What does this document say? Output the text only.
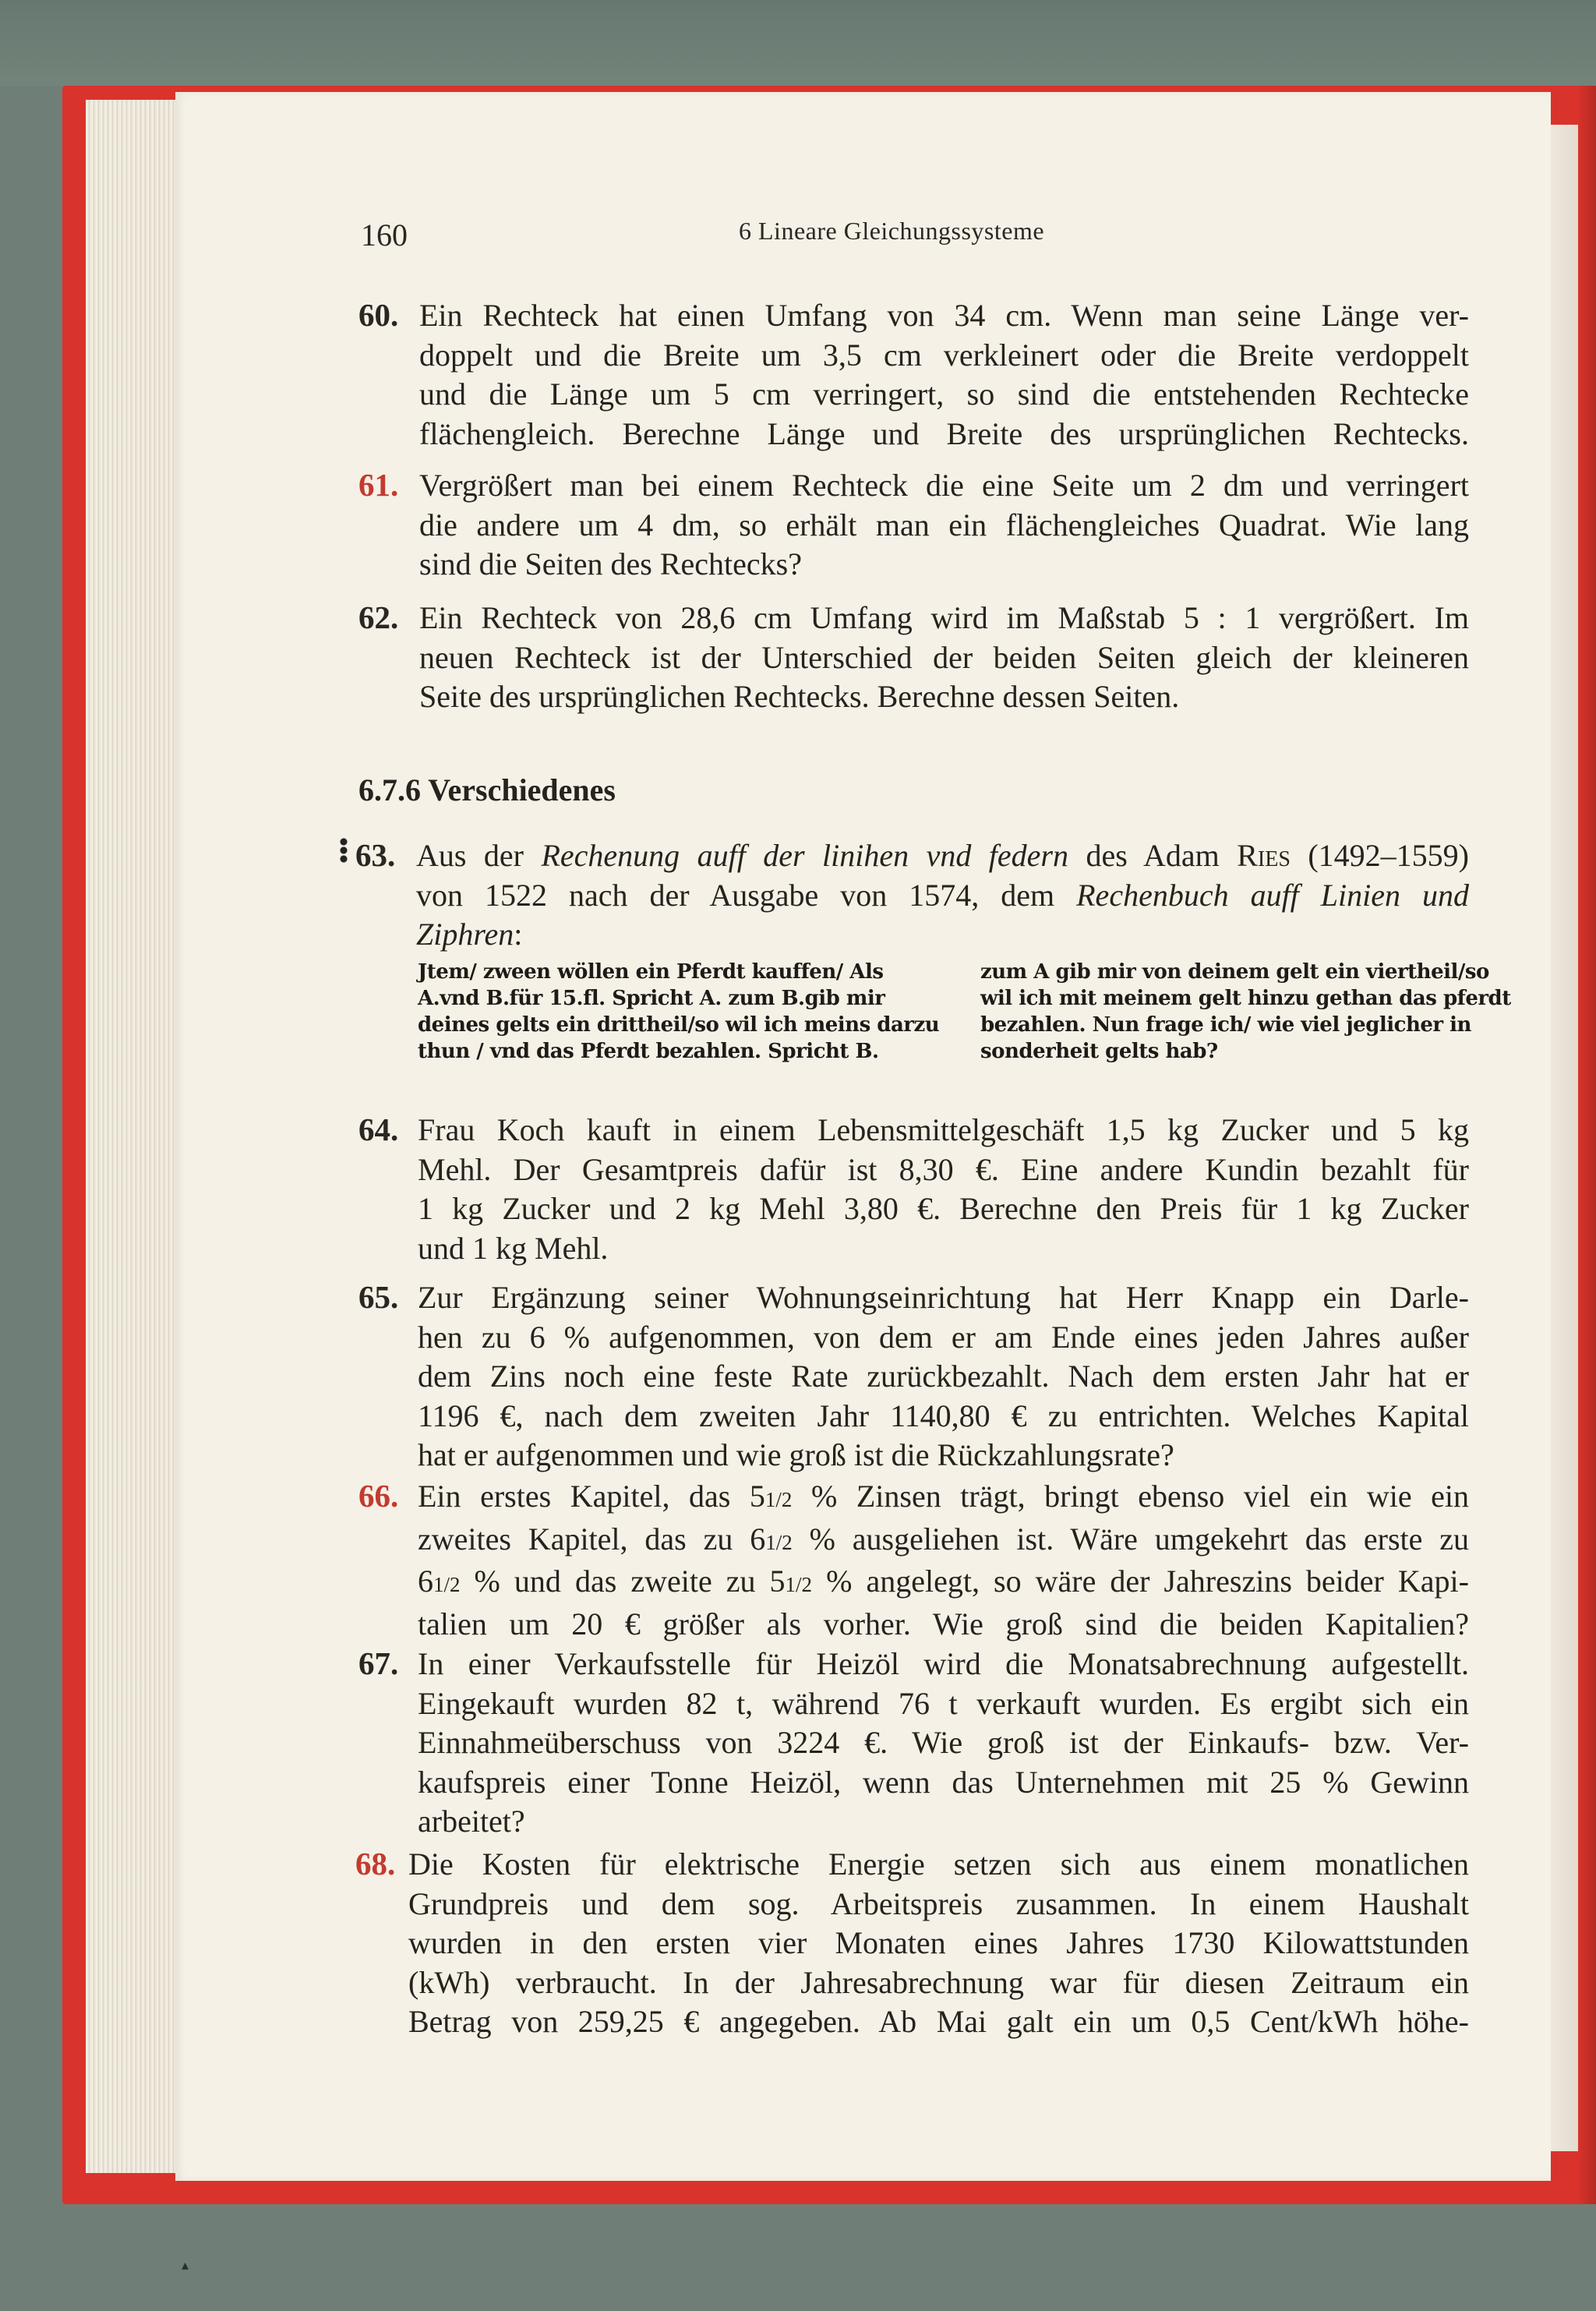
160	6 Lineare Gleichungssysteme
60. Ein Rechteck hat einen Umfang von 34 cm. Wenn man seine Länge ver-
doppelt und die Breite um 3,5 cm verkleinert oder die Breite verdoppelt
und die Länge um 5 cm verringert, so sind die entstehenden Rechtecke
flächengleich. Berechne Länge und Breite des ursprünglichen Rechtecks.
61. Vergrößert man bei einem Rechteck die eine Seite um 2 dm und verringert
die andere um 4 dm, so erhält man ein flächengleiches Quadrat. Wie lang
sind die Seiten des Rechtecks?
62. Ein Rechteck von 28,6 cm Umfang wird im Maßstab 5 : 1 vergrößert. Im
neuen Rechteck ist der Unterschied der beiden Seiten gleich der kleineren
Seite des ursprünglichen Rechtecks. Berechne dessen Seiten.
6.7.6 Verschiedenes
63. Aus der Rechenung auff der linihen vnd federn des Adam Ries (1492–1559)
von 1522 nach der Ausgabe von 1574, dem Rechenbuch auff Linien und
Ziphren:
Jtem/ zween wöllen ein Pferdt kauffen/ Als
A.vnd B.für 15.fl. Spricht A. zum B.gib mir
deines gelts ein drittheil/so wil ich meins darzu
thun / vnd das Pferdt bezahlen. Spricht B.
zum A gib mir von deinem gelt ein viertheil/so
wil ich mit meinem gelt hinzu gethan das pferdt
bezahlen. Nun frage ich/ wie viel jeglicher in
sonderheit gelts hab?
64. Frau Koch kauft in einem Lebensmittelgeschäft 1,5 kg Zucker und 5 kg
Mehl. Der Gesamtpreis dafür ist 8,30 €. Eine andere Kundin bezahlt für
1 kg Zucker und 2 kg Mehl 3,80 €. Berechne den Preis für 1 kg Zucker
und 1 kg Mehl.
65. Zur Ergänzung seiner Wohnungseinrichtung hat Herr Knapp ein Darle-
hen zu 6 % aufgenommen, von dem er am Ende eines jeden Jahres außer
dem Zins noch eine feste Rate zurückbezahlt. Nach dem ersten Jahr hat er
1196 €, nach dem zweiten Jahr 1140,80 € zu entrichten. Welches Kapital
hat er aufgenommen und wie groß ist die Rückzahlungsrate?
66. Ein erstes Kapitel, das 51/2 % Zinsen trägt, bringt ebenso viel ein wie ein
zweites Kapitel, das zu 61/2 % ausgeliehen ist. Wäre umgekehrt das erste zu
61/2 % und das zweite zu 51/2 % angelegt, so wäre der Jahreszins beider Kapi-
talien um 20 € größer als vorher. Wie groß sind die beiden Kapitalien?
67. In einer Verkaufsstelle für Heizöl wird die Monatsabrechnung aufgestellt.
Eingekauft wurden 82 t, während 76 t verkauft wurden. Es ergibt sich ein
Einnahmeüberschuss von 3224 €. Wie groß ist der Einkaufs- bzw. Ver-
kaufspreis einer Tonne Heizöl, wenn das Unternehmen mit 25 % Gewinn
arbeitet?
68. Die Kosten für elektrische Energie setzen sich aus einem monatlichen
Grundpreis und dem sog. Arbeitspreis zusammen. In einem Haushalt
wurden in den ersten vier Monaten eines Jahres 1730 Kilowattstunden
(kWh) verbraucht. In der Jahresabrechnung war für diesen Zeitraum ein
Betrag von 259,25 € angegeben. Ab Mai galt ein um 0,5 Cent/kWh höhe-
▴
